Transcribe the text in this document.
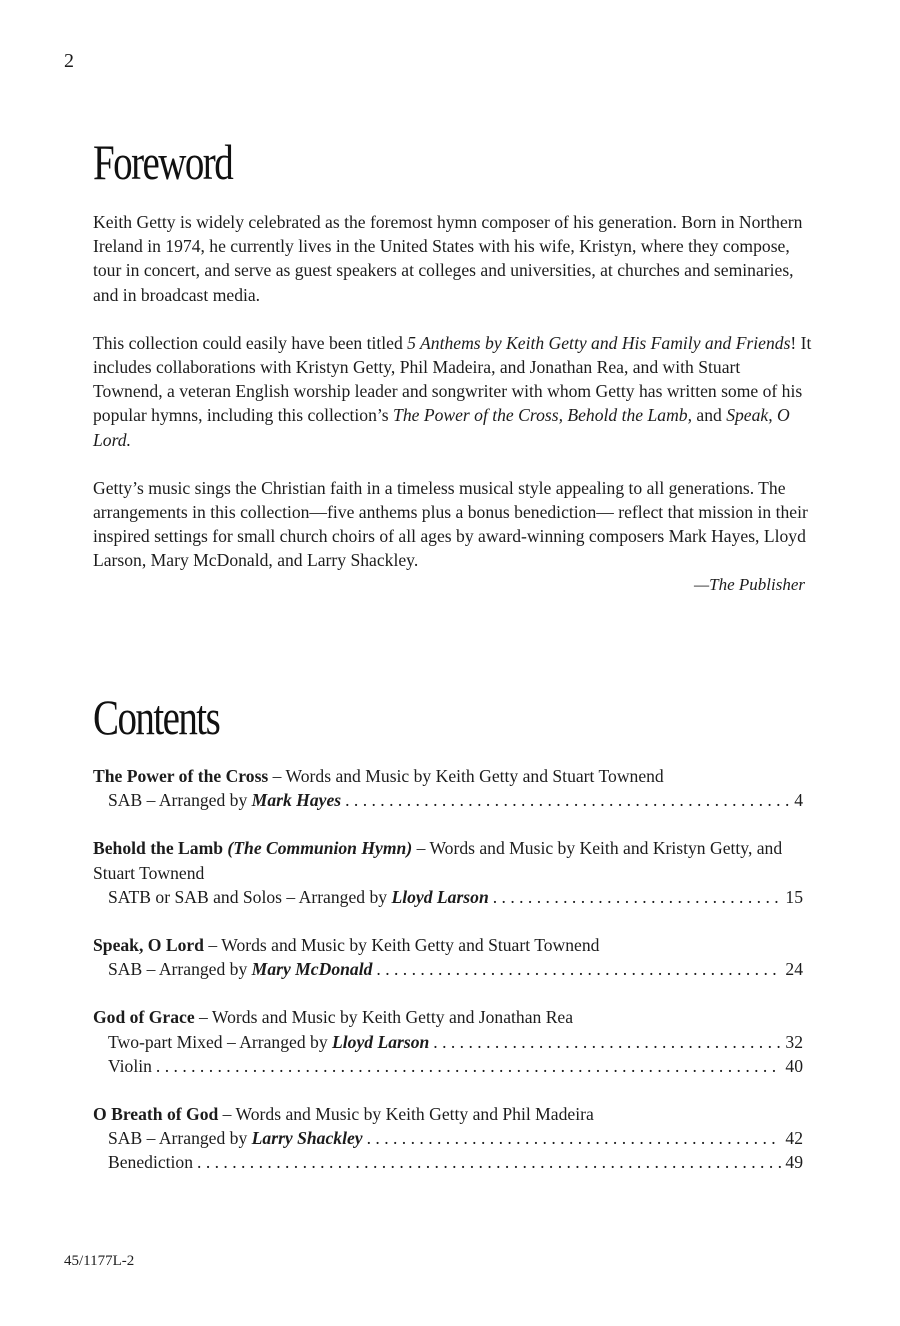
2
Foreword

Keith Getty is widely celebrated as the foremost hymn composer of his generation. Born in Northern Ireland in 1974, he currently lives in the United States with his wife, Kristyn, where they compose, tour in concert, and serve as guest speakers at colleges and universities, at churches and seminaries, and in broadcast media.

This collection could easily have been titled 5 Anthems by Keith Getty and His Family and Friends! It includes collaborations with Kristyn Getty, Phil Madeira, and Jonathan Rea, and with Stuart Townend, a veteran English worship leader and songwriter with whom Getty has written some of his popular hymns, including this collection’s The Power of the Cross, Behold the Lamb, and Speak, O Lord.

Getty’s music sings the Christian faith in a timeless musical style appealing to all generations. The arrangements in this collection—five anthems plus a bonus benediction— reflect that mission in their inspired settings for small church choirs of all ages by award-winning composers Mark Hayes, Lloyd Larson, Mary McDonald, and Larry Shackley.

—The Publisher
Contents
The Power of the Cross – Words and Music by Keith Getty and Stuart Townend
SAB – Arranged by Mark Hayes . . .	4
Behold the Lamb (The Communion Hymn) – Words and Music by Keith and Kristyn Getty, and Stuart Townend
SATB or SAB and Solos – Arranged by Lloyd Larson . . .	15
Speak, O Lord – Words and Music by Keith Getty and Stuart Townend
SAB – Arranged by Mary McDonald . . .	24
God of Grace – Words and Music by Keith Getty and Jonathan Rea
Two-part Mixed – Arranged by Lloyd Larson . . .	32
Violin . . .	40
O Breath of God – Words and Music by Keith Getty and Phil Madeira
SAB – Arranged by Larry Shackley . . .	42
Benediction . . .	49
45/1177L-2
